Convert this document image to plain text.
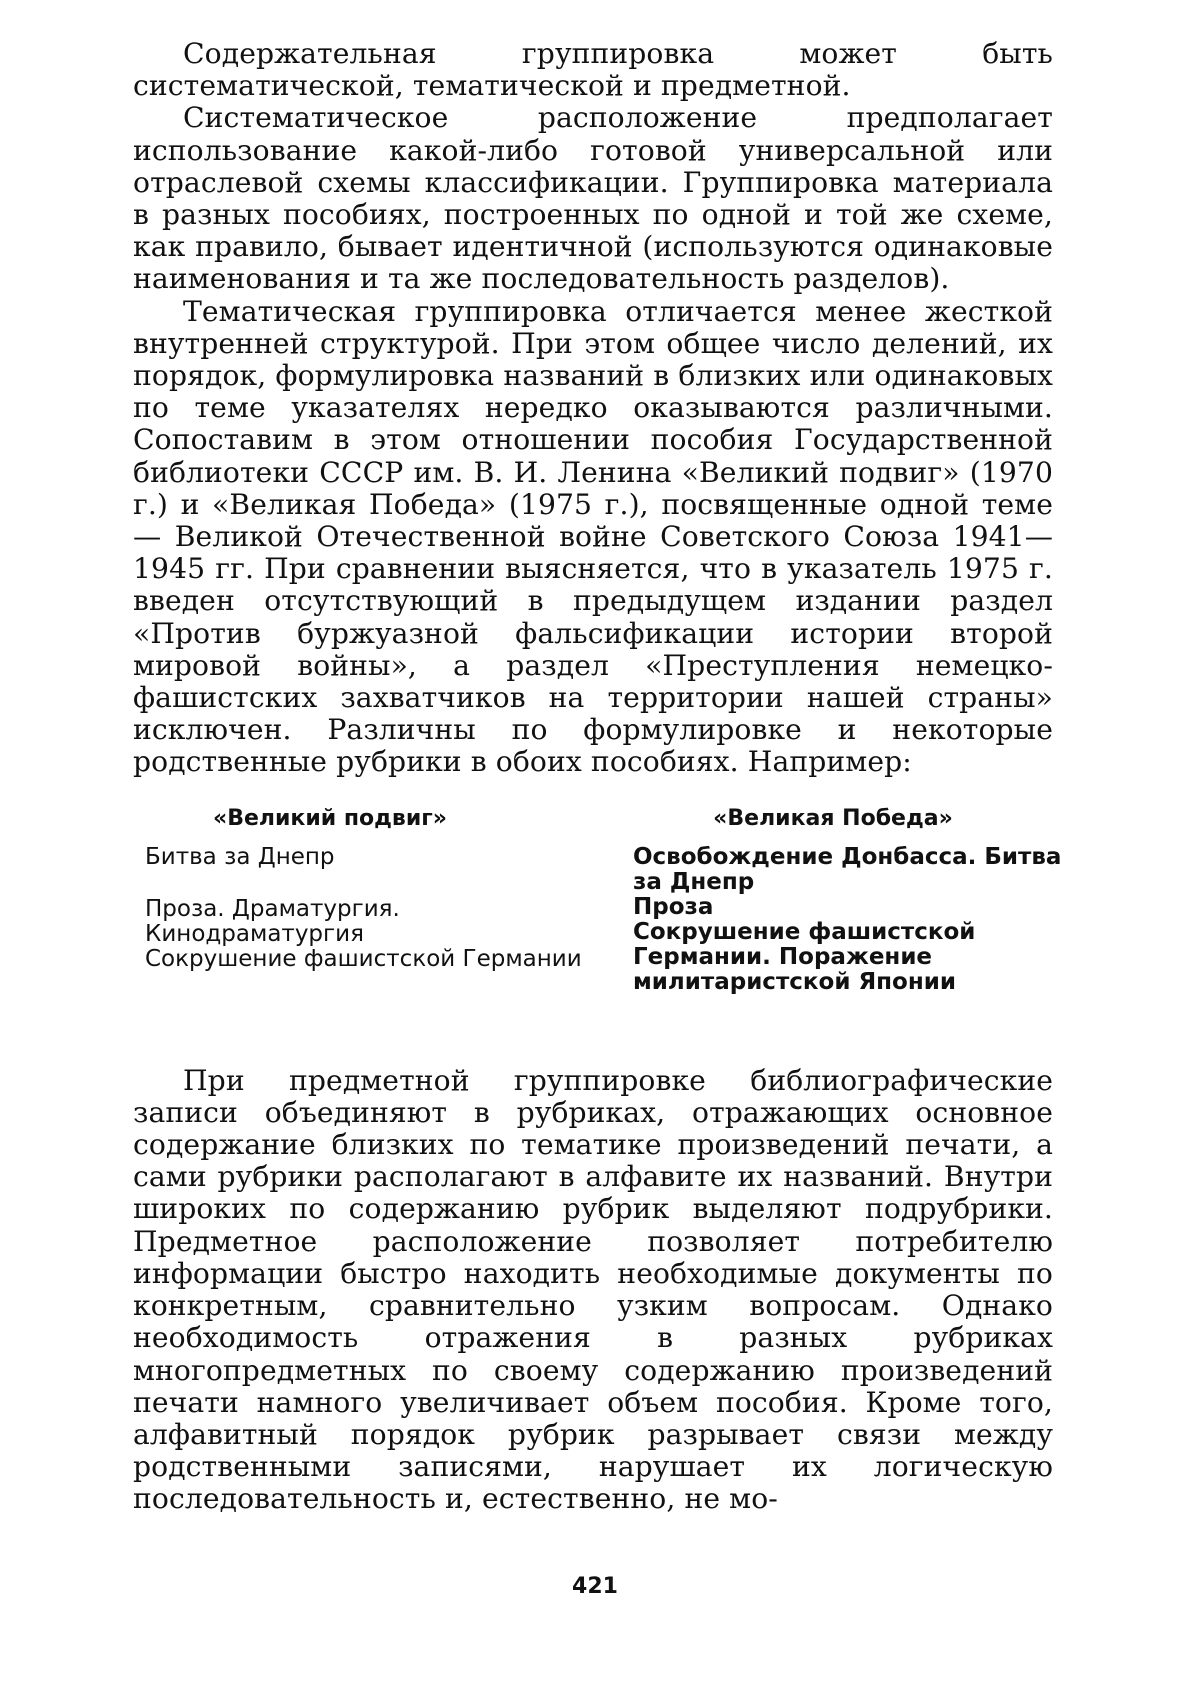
Содержательная группировка может быть систематической, тематической и предметной.

Систематическое расположение предполагает использование какой-либо готовой универсальной или отраслевой схемы классификации. Группировка материала в разных пособиях, построенных по одной и той же схеме, как правило, бывает идентичной (используются одинаковые наименования и та же последовательность разделов).

Тематическая группировка отличается менее жесткой внутренней структурой. При этом общее число делений, их порядок, формулировка названий в близких или одинаковых по теме указателях нередко оказываются различными. Сопоставим в этом отношении пособия Государственной библиотеки СССР им. В. И. Ленина «Великий подвиг» (1970 г.) и «Великая Победа» (1975 г.), посвященные одной теме — Великой Отечественной войне Советского Союза 1941—1945 гг. При сравнении выясняется, что в указатель 1975 г. введен отсутствующий в предыдущем издании раздел «Против буржуазной фальсификации истории второй мировой войны», а раздел «Преступления немецко-фашистских захватчиков на территории нашей страны» исключен. Различны по формулировке и некоторые родственные рубрики в обоих пособиях. Например:

«Великий подвиг»

Битва за Днепр

Проза. Драматургия. Кинодраматургия

Сокрушение фашистской Германии

«Великая Победа»

Освобождение Донбасса. Битва за Днепр

Проза

Сокрушение фашистской Германии. Поражение милитаристской Японии

При предметной группировке библиографические записи объединяют в рубриках, отражающих основное содержание близких по тематике произведений печати, а сами рубрики располагают в алфавите их названий. Внутри широких по содержанию рубрик выделяют подрубрики. Предметное расположение позволяет потребителю информации быстро находить необходимые документы по конкретным, сравнительно узким вопросам. Однако необходимость отражения в разных рубриках многопредметных по своему содержанию произведений печати намного увеличивает объем пособия. Кроме того, алфавитный порядок рубрик разрывает связи между родственными записями, нарушает их логическую последовательность и, естественно, не мо-

421
